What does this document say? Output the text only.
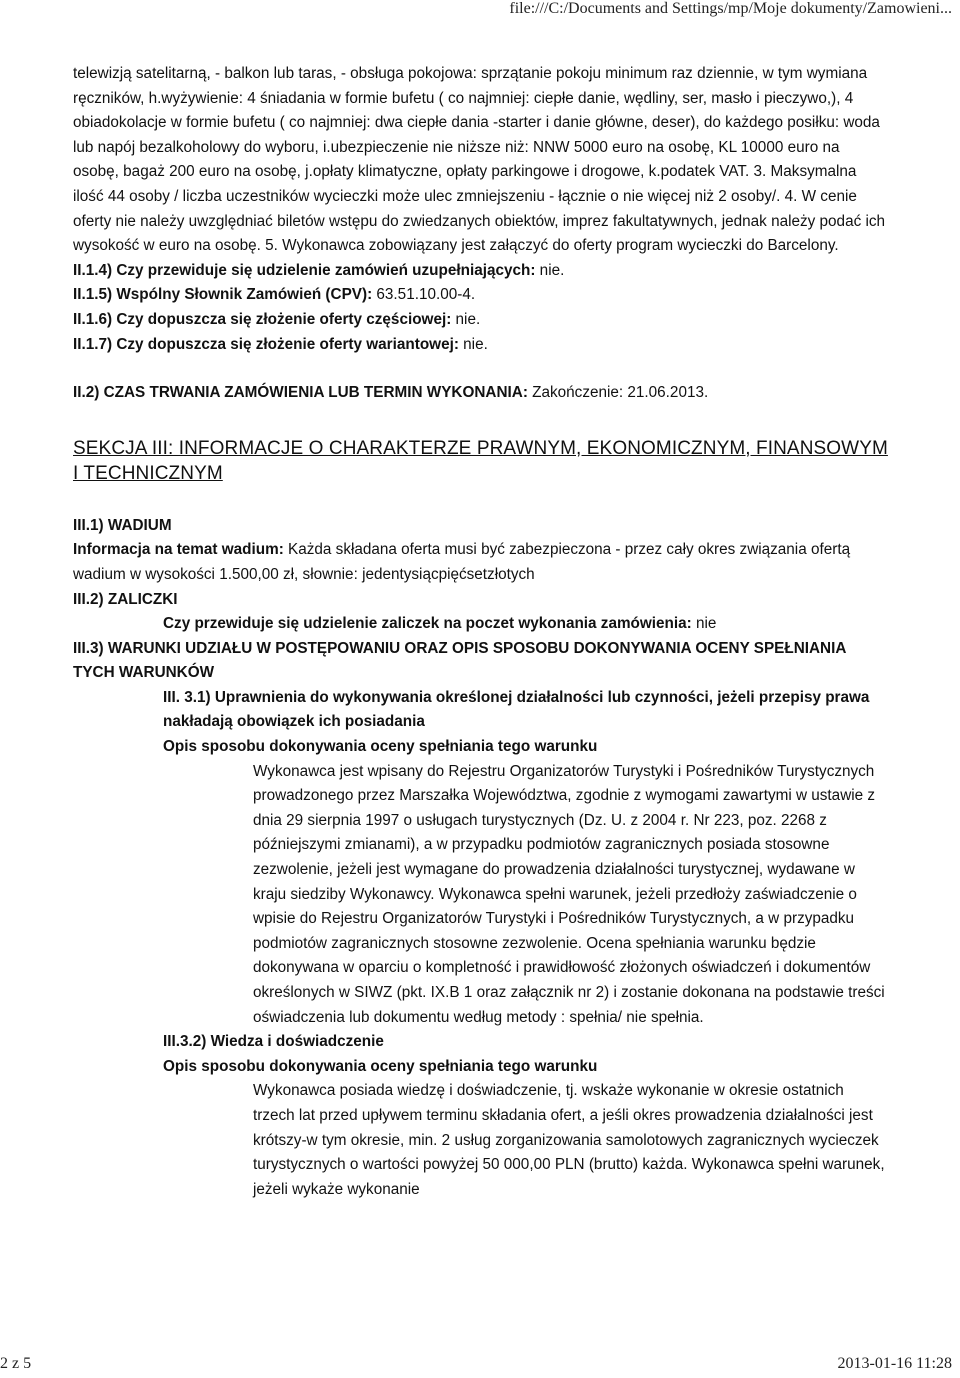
file:///C:/Documents and Settings/mp/Moje dokumenty/Zamowieni...

telewizją satelitarną, - balkon lub taras, - obsługa pokojowa: sprzątanie pokoju minimum raz dziennie, w tym wymiana ręczników, h.wyżywienie: 4 śniadania w formie bufetu ( co najmniej: ciepłe danie, wędliny, ser, masło i pieczywo,), 4 obiadokolacje w formie bufetu ( co najmniej: dwa ciepłe dania -starter i danie główne, deser), do każdego posiłku: woda lub napój bezalkoholowy do wyboru, i.ubezpieczenie nie niższe niż: NNW 5000 euro na osobę, KL 10000 euro na osobę, bagaż 200 euro na osobę, j.opłaty klimatyczne, opłaty parkingowe i drogowe, k.podatek VAT. 3. Maksymalna ilość 44 osoby / liczba uczestników wycieczki może ulec zmniejszeniu - łącznie o nie więcej niż 2 osoby/. 4. W cenie oferty nie należy uwzględniać biletów wstępu do zwiedzanych obiektów, imprez fakultatywnych, jednak należy podać ich wysokość w euro na osobę. 5. Wykonawca zobowiązany jest załączyć do oferty program wycieczki do Barcelony.

II.1.4) Czy przewiduje się udzielenie zamówień uzupełniających: nie.

II.1.5) Wspólny Słownik Zamówień (CPV): 63.51.10.00-4.

II.1.6) Czy dopuszcza się złożenie oferty częściowej: nie.

II.1.7) Czy dopuszcza się złożenie oferty wariantowej: nie.

II.2) CZAS TRWANIA ZAMÓWIENIA LUB TERMIN WYKONANIA: Zakończenie: 21.06.2013.

SEKCJA III: INFORMACJE O CHARAKTERZE PRAWNYM, EKONOMICZNYM, FINANSOWYM I TECHNICZNYM

III.1) WADIUM

Informacja na temat wadium: Każda składana oferta musi być zabezpieczona - przez cały okres związania ofertą wadium w wysokości 1.500,00 zł, słownie: jedentysiącpięćsetzłotych

III.2) ZALICZKI

Czy przewiduje się udzielenie zaliczek na poczet wykonania zamówienia: nie

III.3) WARUNKI UDZIAŁU W POSTĘPOWANIU ORAZ OPIS SPOSOBU DOKONYWANIA OCENY SPEŁNIANIA TYCH WARUNKÓW

III. 3.1) Uprawnienia do wykonywania określonej działalności lub czynności, jeżeli przepisy prawa nakładają obowiązek ich posiadania

Opis sposobu dokonywania oceny spełniania tego warunku

Wykonawca jest wpisany do Rejestru Organizatorów Turystyki i Pośredników Turystycznych prowadzonego przez Marszałka Województwa, zgodnie z wymogami zawartymi w ustawie z dnia 29 sierpnia 1997 o usługach turystycznych (Dz. U. z 2004 r. Nr 223, poz. 2268 z późniejszymi zmianami), a w przypadku podmiotów zagranicznych posiada stosowne zezwolenie, jeżeli jest wymagane do prowadzenia działalności turystycznej, wydawane w kraju siedziby Wykonawcy. Wykonawca spełni warunek, jeżeli przedłoży zaświadczenie o wpisie do Rejestru Organizatorów Turystyki i Pośredników Turystycznych, a w przypadku podmiotów zagranicznych stosowne zezwolenie. Ocena spełniania warunku będzie dokonywana w oparciu o kompletność i prawidłowość złożonych oświadczeń i dokumentów określonych w SIWZ (pkt. IX.B 1 oraz załącznik nr 2) i zostanie dokonana na podstawie treści oświadczenia lub dokumentu według metody : spełnia/ nie spełnia.

III.3.2) Wiedza i doświadczenie

Opis sposobu dokonywania oceny spełniania tego warunku

Wykonawca posiada wiedzę i doświadczenie, tj. wskaże wykonanie w okresie ostatnich trzech lat przed upływem terminu składania ofert, a jeśli okres prowadzenia działalności jest krótszy-w tym okresie, min. 2 usług zorganizowania samolotowych zagranicznych wycieczek turystycznych o wartości powyżej 50 000,00 PLN (brutto) każda. Wykonawca spełni warunek, jeżeli wykaże wykonanie

2 z 5	2013-01-16 11:28
